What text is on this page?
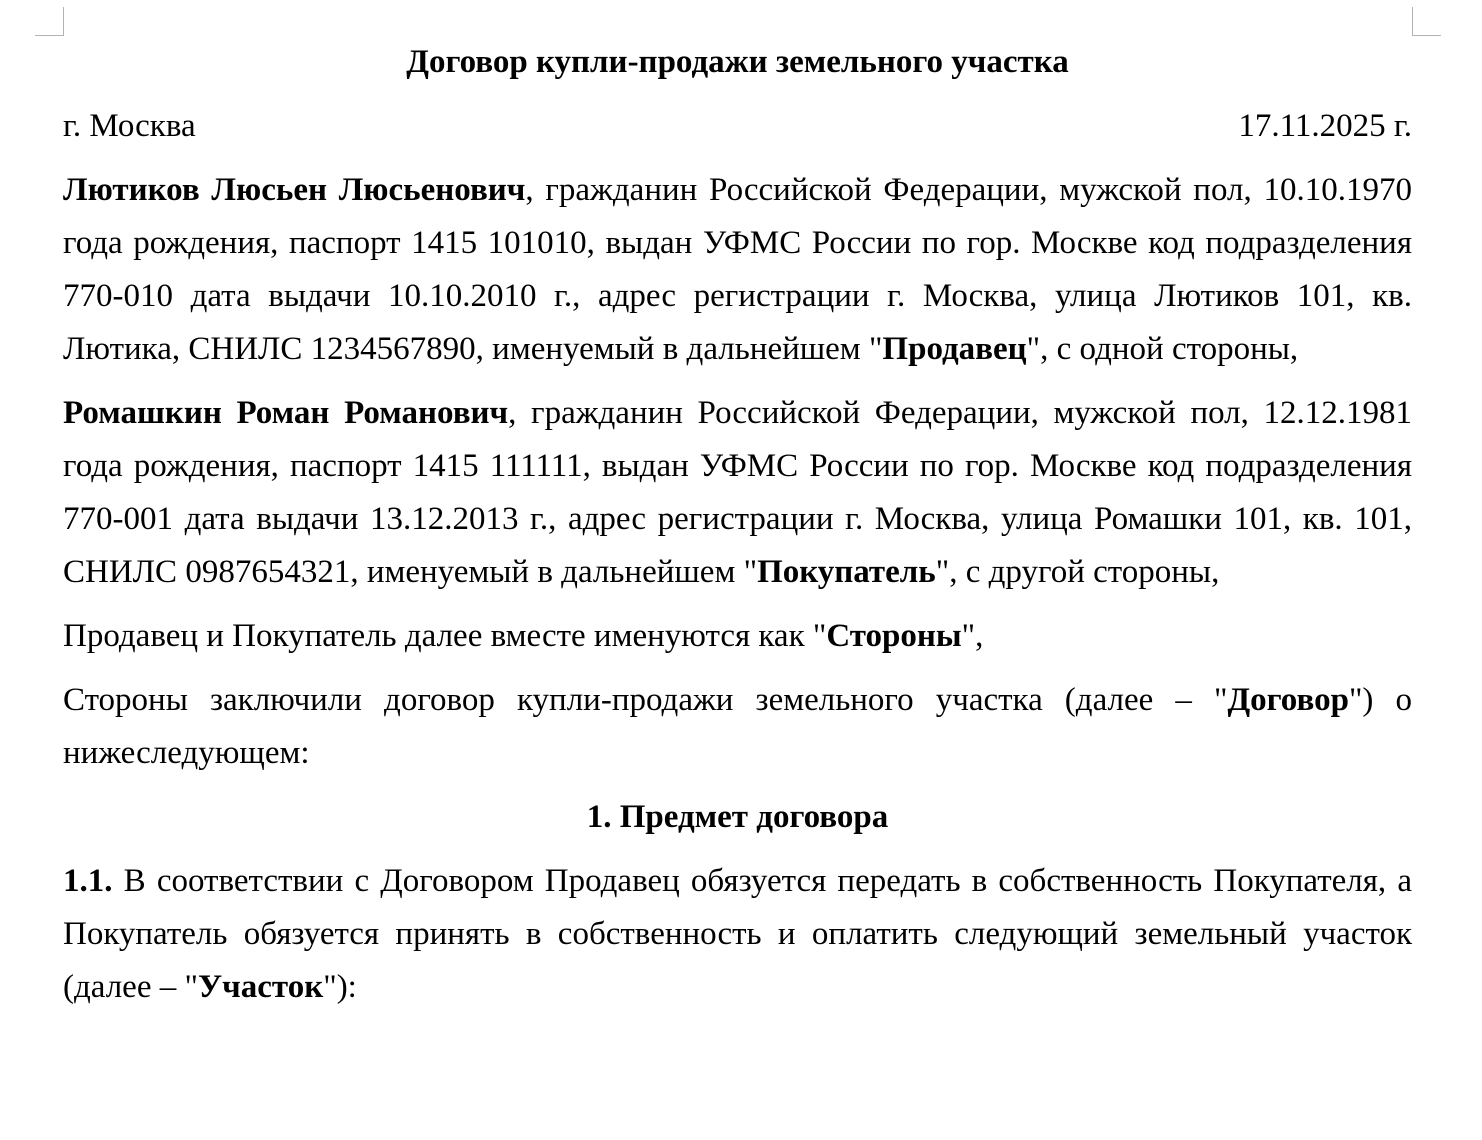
Договор купли-продажи земельного участка
г. Москва	17.11.2025 г.

Лютиков Люсьен Люсьенович, гражданин Российской Федерации, мужской пол, 10.10.1970 года рождения, паспорт 1415 101010, выдан УФМС России по гор. Москве код подразделения 770-010 дата выдачи 10.10.2010 г., адрес регистрации г. Москва, улица Лютиков 101, кв. Лютика, СНИЛС 1234567890, именуемый в дальнейшем "Продавец", с одной стороны,

Ромашкин Роман Романович, гражданин Российской Федерации, мужской пол, 12.12.1981 года рождения, паспорт 1415 111111, выдан УФМС России по гор. Москве код подразделения 770-001 дата выдачи 13.12.2013 г., адрес регистрации г. Москва, улица Ромашки 101, кв. 101, СНИЛС 0987654321, именуемый в дальнейшем "Покупатель", с другой стороны,

Продавец и Покупатель далее вместе именуются как "Стороны",

Стороны заключили договор купли-продажи земельного участка (далее – "Договор") о нижеследующем:

1. Предмет договора

1.1. В соответствии с Договором Продавец обязуется передать в собственность Покупателя, а Покупатель обязуется принять в собственность и оплатить следующий земельный участок (далее – "Участок"):
